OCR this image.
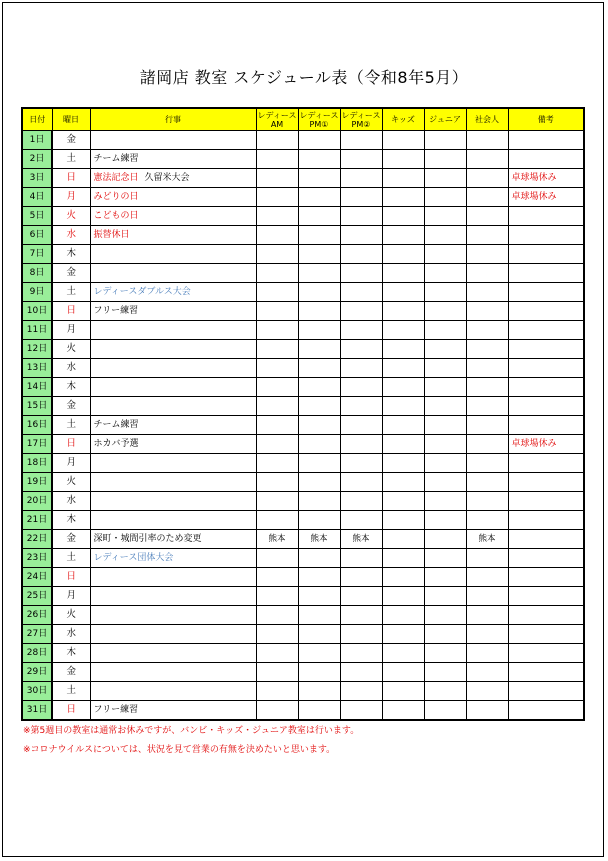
諸岡店 教室 スケジュール表（令和8年5月）
日付	曜日	行事	レディースAM	レディースPM①	レディースPM②	キッズ	ジュニア	社会人	備考
1日	金								
2日	土	チーム練習							
3日	日	憲法記念日 久留米大会							卓球場休み
4日	月	みどりの日							卓球場休み
5日	火	こどもの日							
6日	水	振替休日							
7日	木								
8日	金								
9日	土	レディースダブルス大会							
10日	日	フリー練習							
11日	月								
12日	火								
13日	水								
14日	木								
15日	金								
16日	土	チーム練習							
17日	日	ホカバ予選							卓球場休み
18日	月								
19日	火								
20日	水								
21日	木								
22日	金	深町・城間引率のため変更	熊本	熊本	熊本			熊本	
23日	土	レディース団体大会							
24日	日								
25日	月								
26日	火								
27日	水								
28日	木								
29日	金								
30日	土								
31日	日	フリー練習							
※第5週目の教室は通常お休みですが、バンビ・キッズ・ジュニア教室は行います。
※コロナウイルスについては、状況を見て営業の有無を決めたいと思います。
